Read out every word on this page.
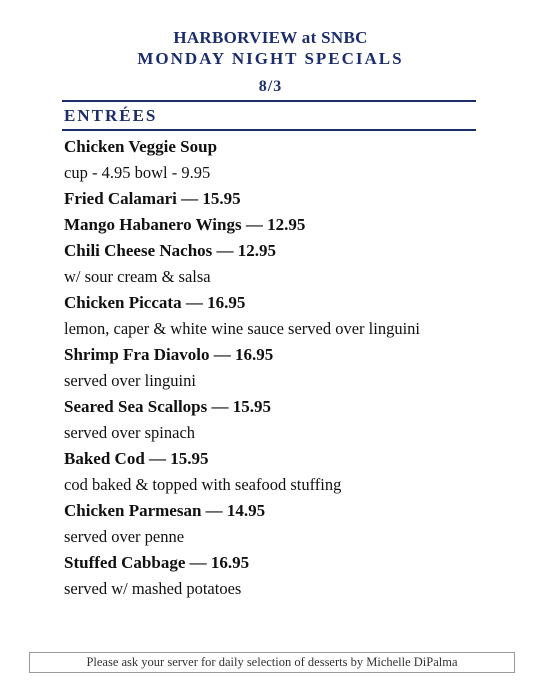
HARBORVIEW at SNBC
MONDAY NIGHT SPECIALS
8/3
ENTRÉES

Chicken Veggie Soup

cup - 4.95 bowl - 9.95

Fried Calamari — 15.95

Mango Habanero Wings — 12.95

Chili Cheese Nachos — 12.95

w/ sour cream & salsa

Chicken Piccata — 16.95

lemon, caper & white wine sauce served over linguini

Shrimp Fra Diavolo — 16.95

served over linguini

Seared Sea Scallops — 15.95

served over spinach

Baked Cod — 15.95

cod baked & topped with seafood stuffing

Chicken Parmesan — 14.95

served over penne

Stuffed Cabbage — 16.95

served w/ mashed potatoes

Please ask your server for daily selection of desserts by Michelle DiPalma
